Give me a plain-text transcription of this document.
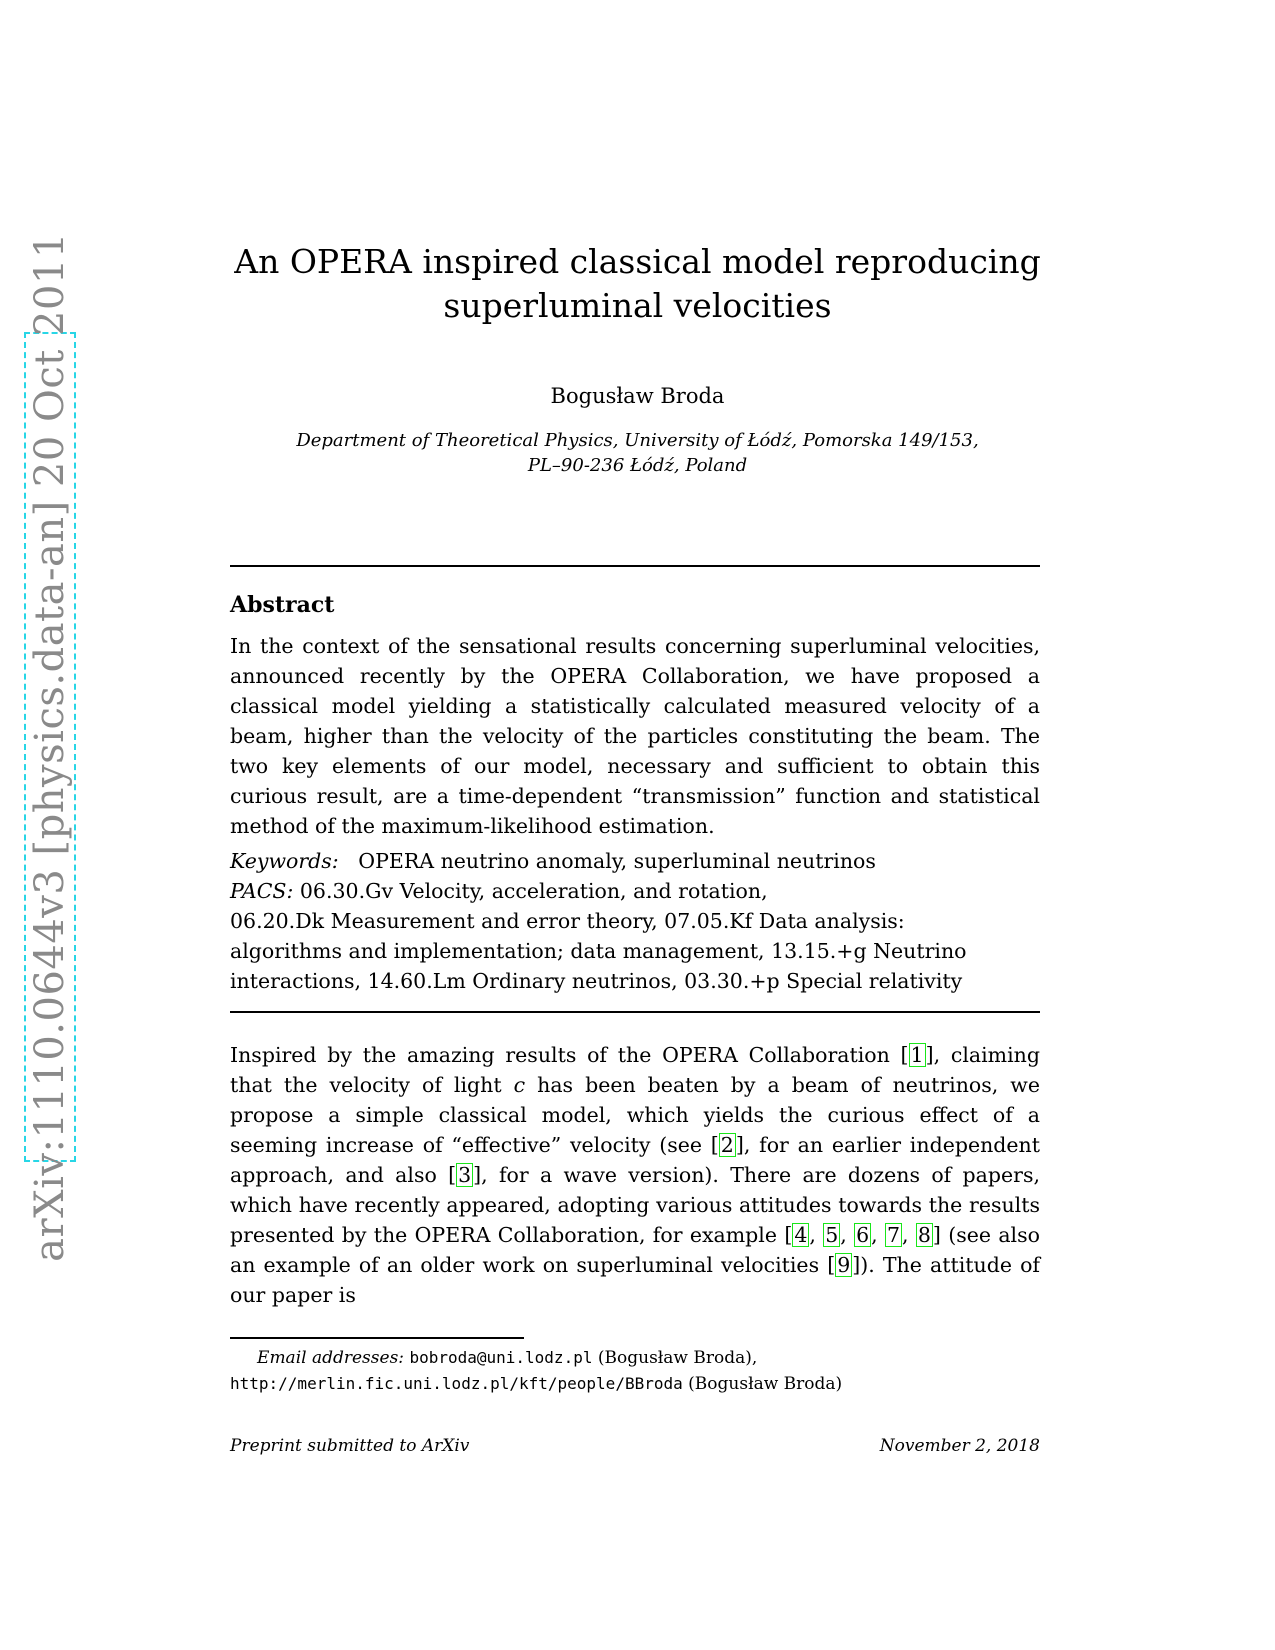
arXiv:1110.0644v3 [physics.data-an] 20 Oct 2011	An OPERA inspired classical model reproducing
superluminal velocities
Bogusław Broda
Department of Theoretical Physics, University of Łódź, Pomorska 149/153,
PL–90-236 Łódź, Poland
Abstract

In the context of the sensational results concerning superluminal velocities, announced recently by the OPERA Collaboration, we have proposed a classical model yielding a statistically calculated measured velocity of a beam, higher than the velocity of the particles constituting the beam. The two key elements of our model, necessary and sufficient to obtain this curious result, are a time-dependent “transmission” function and statistical method of the maximum-likelihood estimation.

Keywords: OPERA neutrino anomaly, superluminal neutrinos
PACS: 06.30.Gv Velocity, acceleration, and rotation,
06.20.Dk Measurement and error theory, 07.05.Kf Data analysis:
algorithms and implementation; data management, 13.15.+g Neutrino
interactions, 14.60.Lm Ordinary neutrinos, 03.30.+p Special relativity

Inspired by the amazing results of the OPERA Collaboration [1], claiming that the velocity of light c has been beaten by a beam of neutrinos, we propose a simple classical model, which yields the curious effect of a seeming increase of “effective” velocity (see [2], for an earlier independent approach, and also [3], for a wave version). There are dozens of papers, which have recently appeared, adopting various attitudes towards the results presented by the OPERA Collaboration, for example [4, 5, 6, 7, 8] (see also an example of an older work on superluminal velocities [9]). The attitude of our paper is

Email addresses: bobroda@uni.lodz.pl (Bogusław Broda),
http://merlin.fic.uni.lodz.pl/kft/people/BBroda (Bogusław Broda)
Preprint submitted to ArXiv	November 2, 2018
